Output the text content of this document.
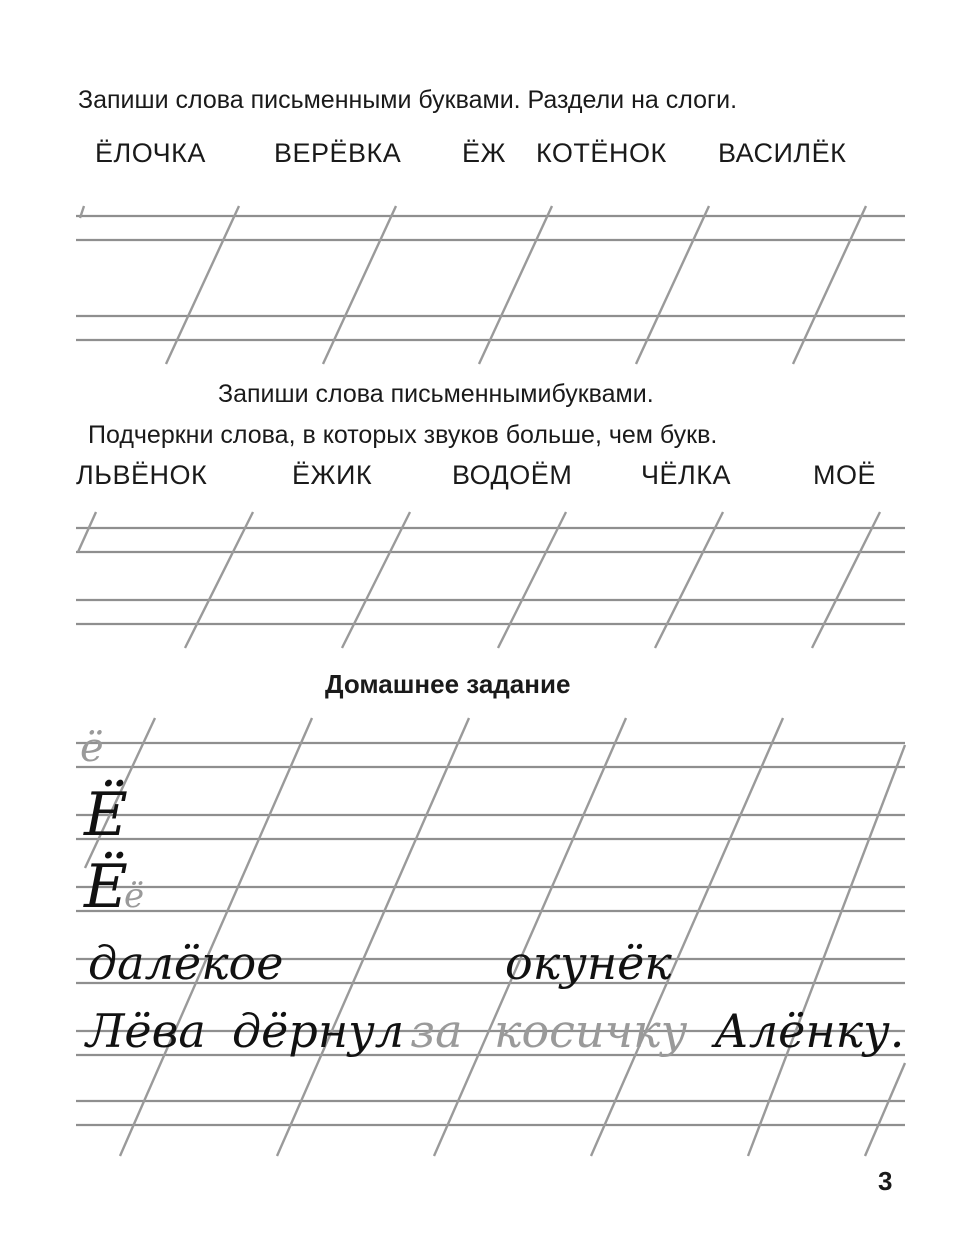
Запиши слова письменными буквами. Раздели на слоги.
ЁЛОЧКА	ВЕРЁВКА ЁЖ КОТЁНОК ВАСИЛЁК
Запиши слова письменнымибуквами.
Подчеркни слова, в которых звуков больше, чем букв.
ЛЬВЁНОК	ЁЖИК	ВОДОЁМ	ЧЁЛКА	МОЁ
Домашнее задание
ё
Ё
Ё
ё
далёкое	окунёк
Лёва дёрнул за косичку Алёнку.
3
